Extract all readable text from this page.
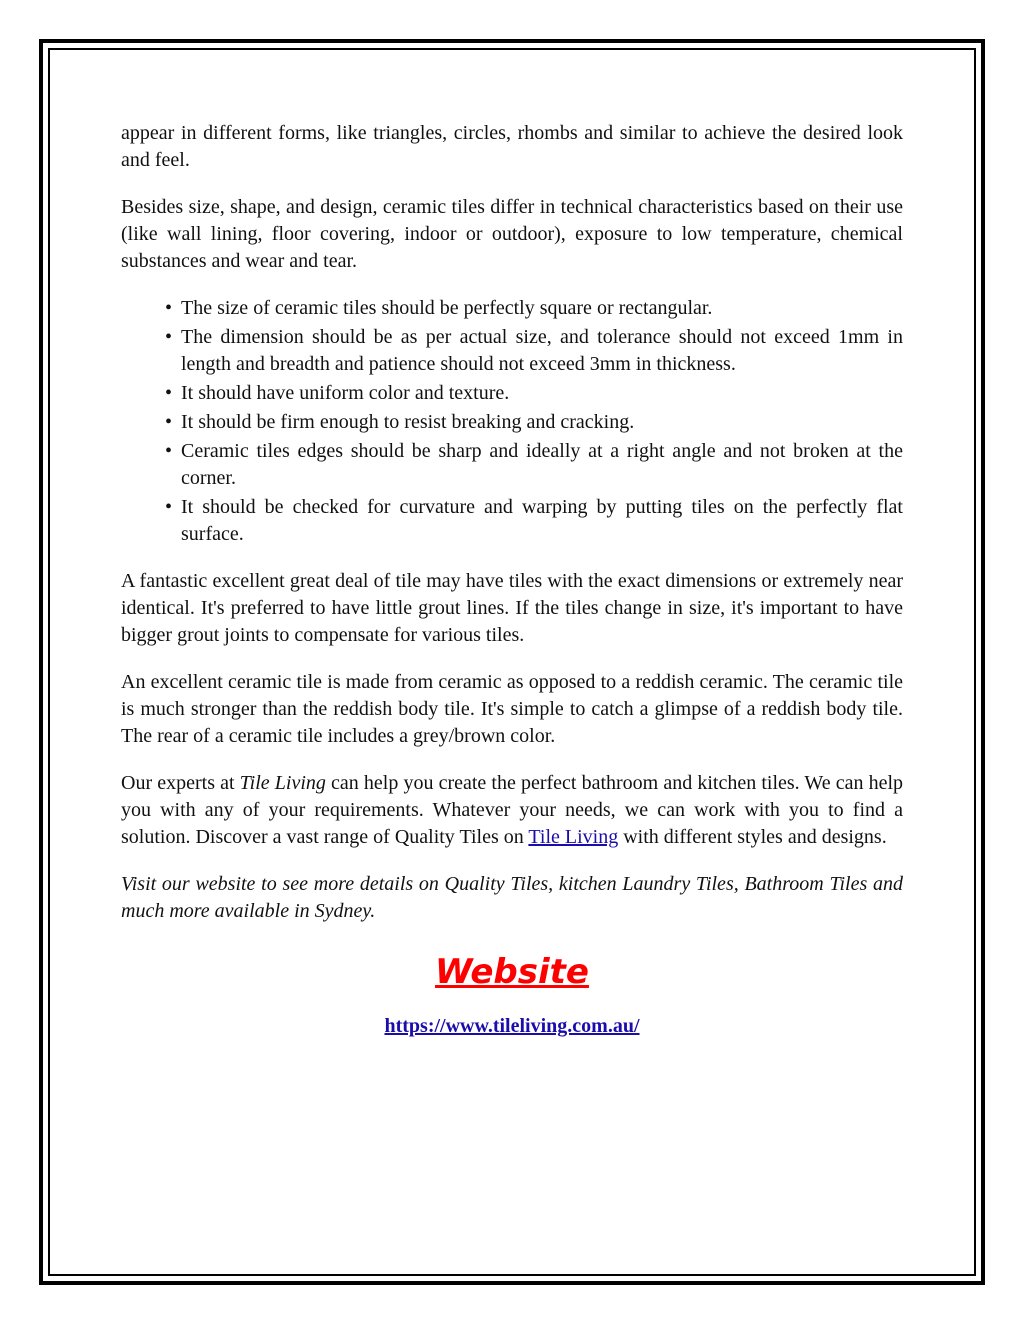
appear in different forms, like triangles, circles, rhombs and similar to achieve the desired look and feel.

Besides size, shape, and design, ceramic tiles differ in technical characteristics based on their use (like wall lining, floor covering, indoor or outdoor), exposure to low temperature, chemical substances and wear and tear.

• The size of ceramic tiles should be perfectly square or rectangular.
• The dimension should be as per actual size, and tolerance should not exceed 1mm in length and breadth and patience should not exceed 3mm in thickness.
• It should have uniform color and texture.
• It should be firm enough to resist breaking and cracking.
• Ceramic tiles edges should be sharp and ideally at a right angle and not broken at the corner.
• It should be checked for curvature and warping by putting tiles on the perfectly flat surface.

A fantastic excellent great deal of tile may have tiles with the exact dimensions or extremely near identical. It's preferred to have little grout lines. If the tiles change in size, it's important to have bigger grout joints to compensate for various tiles.

An excellent ceramic tile is made from ceramic as opposed to a reddish ceramic. The ceramic tile is much stronger than the reddish body tile. It's simple to catch a glimpse of a reddish body tile. The rear of a ceramic tile includes a grey/brown color.

Our experts at Tile Living can help you create the perfect bathroom and kitchen tiles. We can help you with any of your requirements. Whatever your needs, we can work with you to find a solution. Discover a vast range of Quality Tiles on Tile Living with different styles and designs.

Visit our website to see more details on Quality Tiles, kitchen Laundry Tiles, Bathroom Tiles and much more available in Sydney.

Website
https://www.tileliving.com.au/
